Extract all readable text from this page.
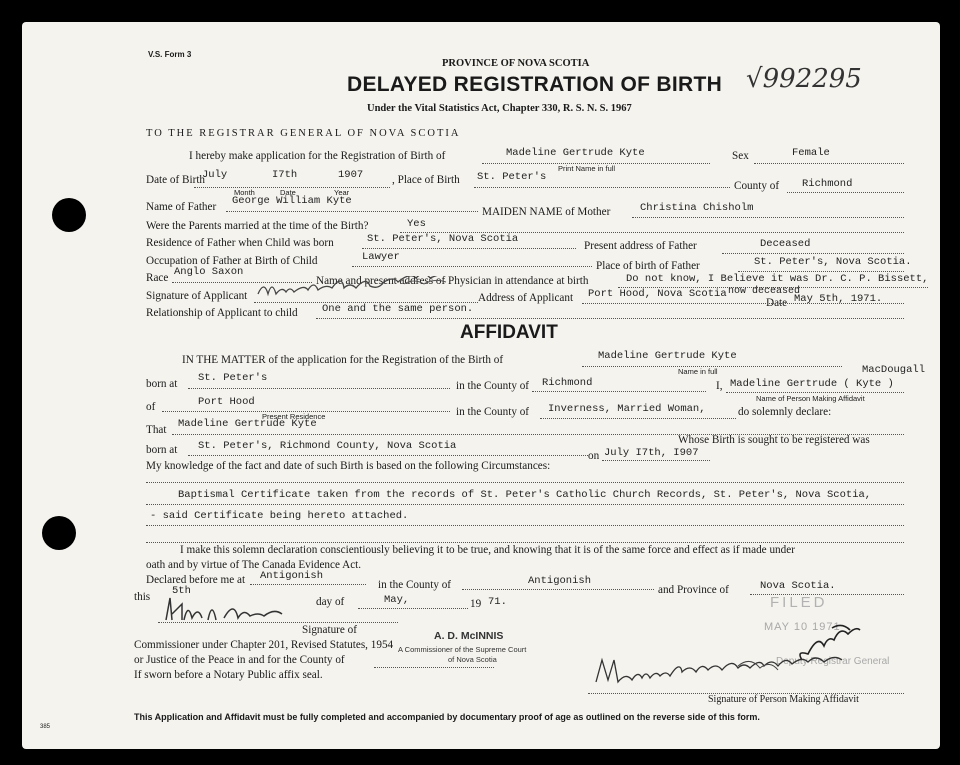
V.S. Form 3
PROVINCE OF NOVA SCOTIA
DELAYED REGISTRATION OF BIRTH
Under the Vital Statistics Act, Chapter 330, R. S. N. S. 1967
√992295
TO THE REGISTRAR GENERAL OF NOVA SCOTIA
I hereby make application for the Registration of Birth of	Madeline Gertrude Kyte
Print Name in full
Sex	Female
Date of Birth
July	I7th	1907
Month	Date	Year
, Place of Birth St. Peter's
County of Richmond
Name of Father George William Kyte
MAIDEN NAME of Mother	Christina Chisholm
Were the Parents married at the time of the Birth?	Yes
Residence of Father when Child was born	St. Peter's, Nova Scotia
Present address of Father	Deceased
Occupation of Father at Birth of Child	Lawyer
Place of birth of Father	St. Peter's, Nova Scotia.
Race Anglo Saxon
Name and present address of Physician in attendance at birth	Do not know, I Believe it was Dr. C. P. Bissett,
Signature of Applicant	Address of Applicant Port Hood, Nova Scotia now deceased
Date May 5th, 1971.
Relationship of Applicant to child One and the same person.
AFFIDAVIT
IN THE MATTER of the application for the Registration of the Birth of	Madeline Gertrude Kyte
Name in full
born at St. Peter's
in the County of Richmond	I, Madeline Gertrude ( Kyte )
MacDougall
Name of Person Making Affidavit
of	Port Hood
Present Residence	in the County of Inverness, Married Woman,	do solemnly declare:
That Madeline Gertrude Kyte
born at St. Peter's, Richmond County, Nova Scotia
on July I7th, I907
Whose Birth is sought to be registered was
My knowledge of the fact and date of such Birth is based on the following Circumstances:
Baptismal Certificate taken from the records of St. Peter's Catholic Church Records, St. Peter's, Nova Scotia,
- said Certificate being hereto attached.
I make this solemn declaration conscientiously believing it to be true, and knowing that it is of the same force and effect as if made under
oath and by virtue of The Canada Evidence Act.
Declared before me at Antigonish
in the County of	Antigonish
and Province of	Nova Scotia.
this 5th
day of	May,	19 71.
Signature of
Commissioner under Chapter 201, Revised Statutes, 1954
or Justice of the Peace in and for the County of
If sworn before a Notary Public affix seal.
A. D. McINNIS
A Commissioner of the Supreme Court
of Nova Scotia
FILED
MAY 10 1971
Deputy Registrar General
Signature of Person Making Affidavit
This Application and Affidavit must be fully completed and accompanied by documentary proof of age as outlined on the reverse side of this form.
385
